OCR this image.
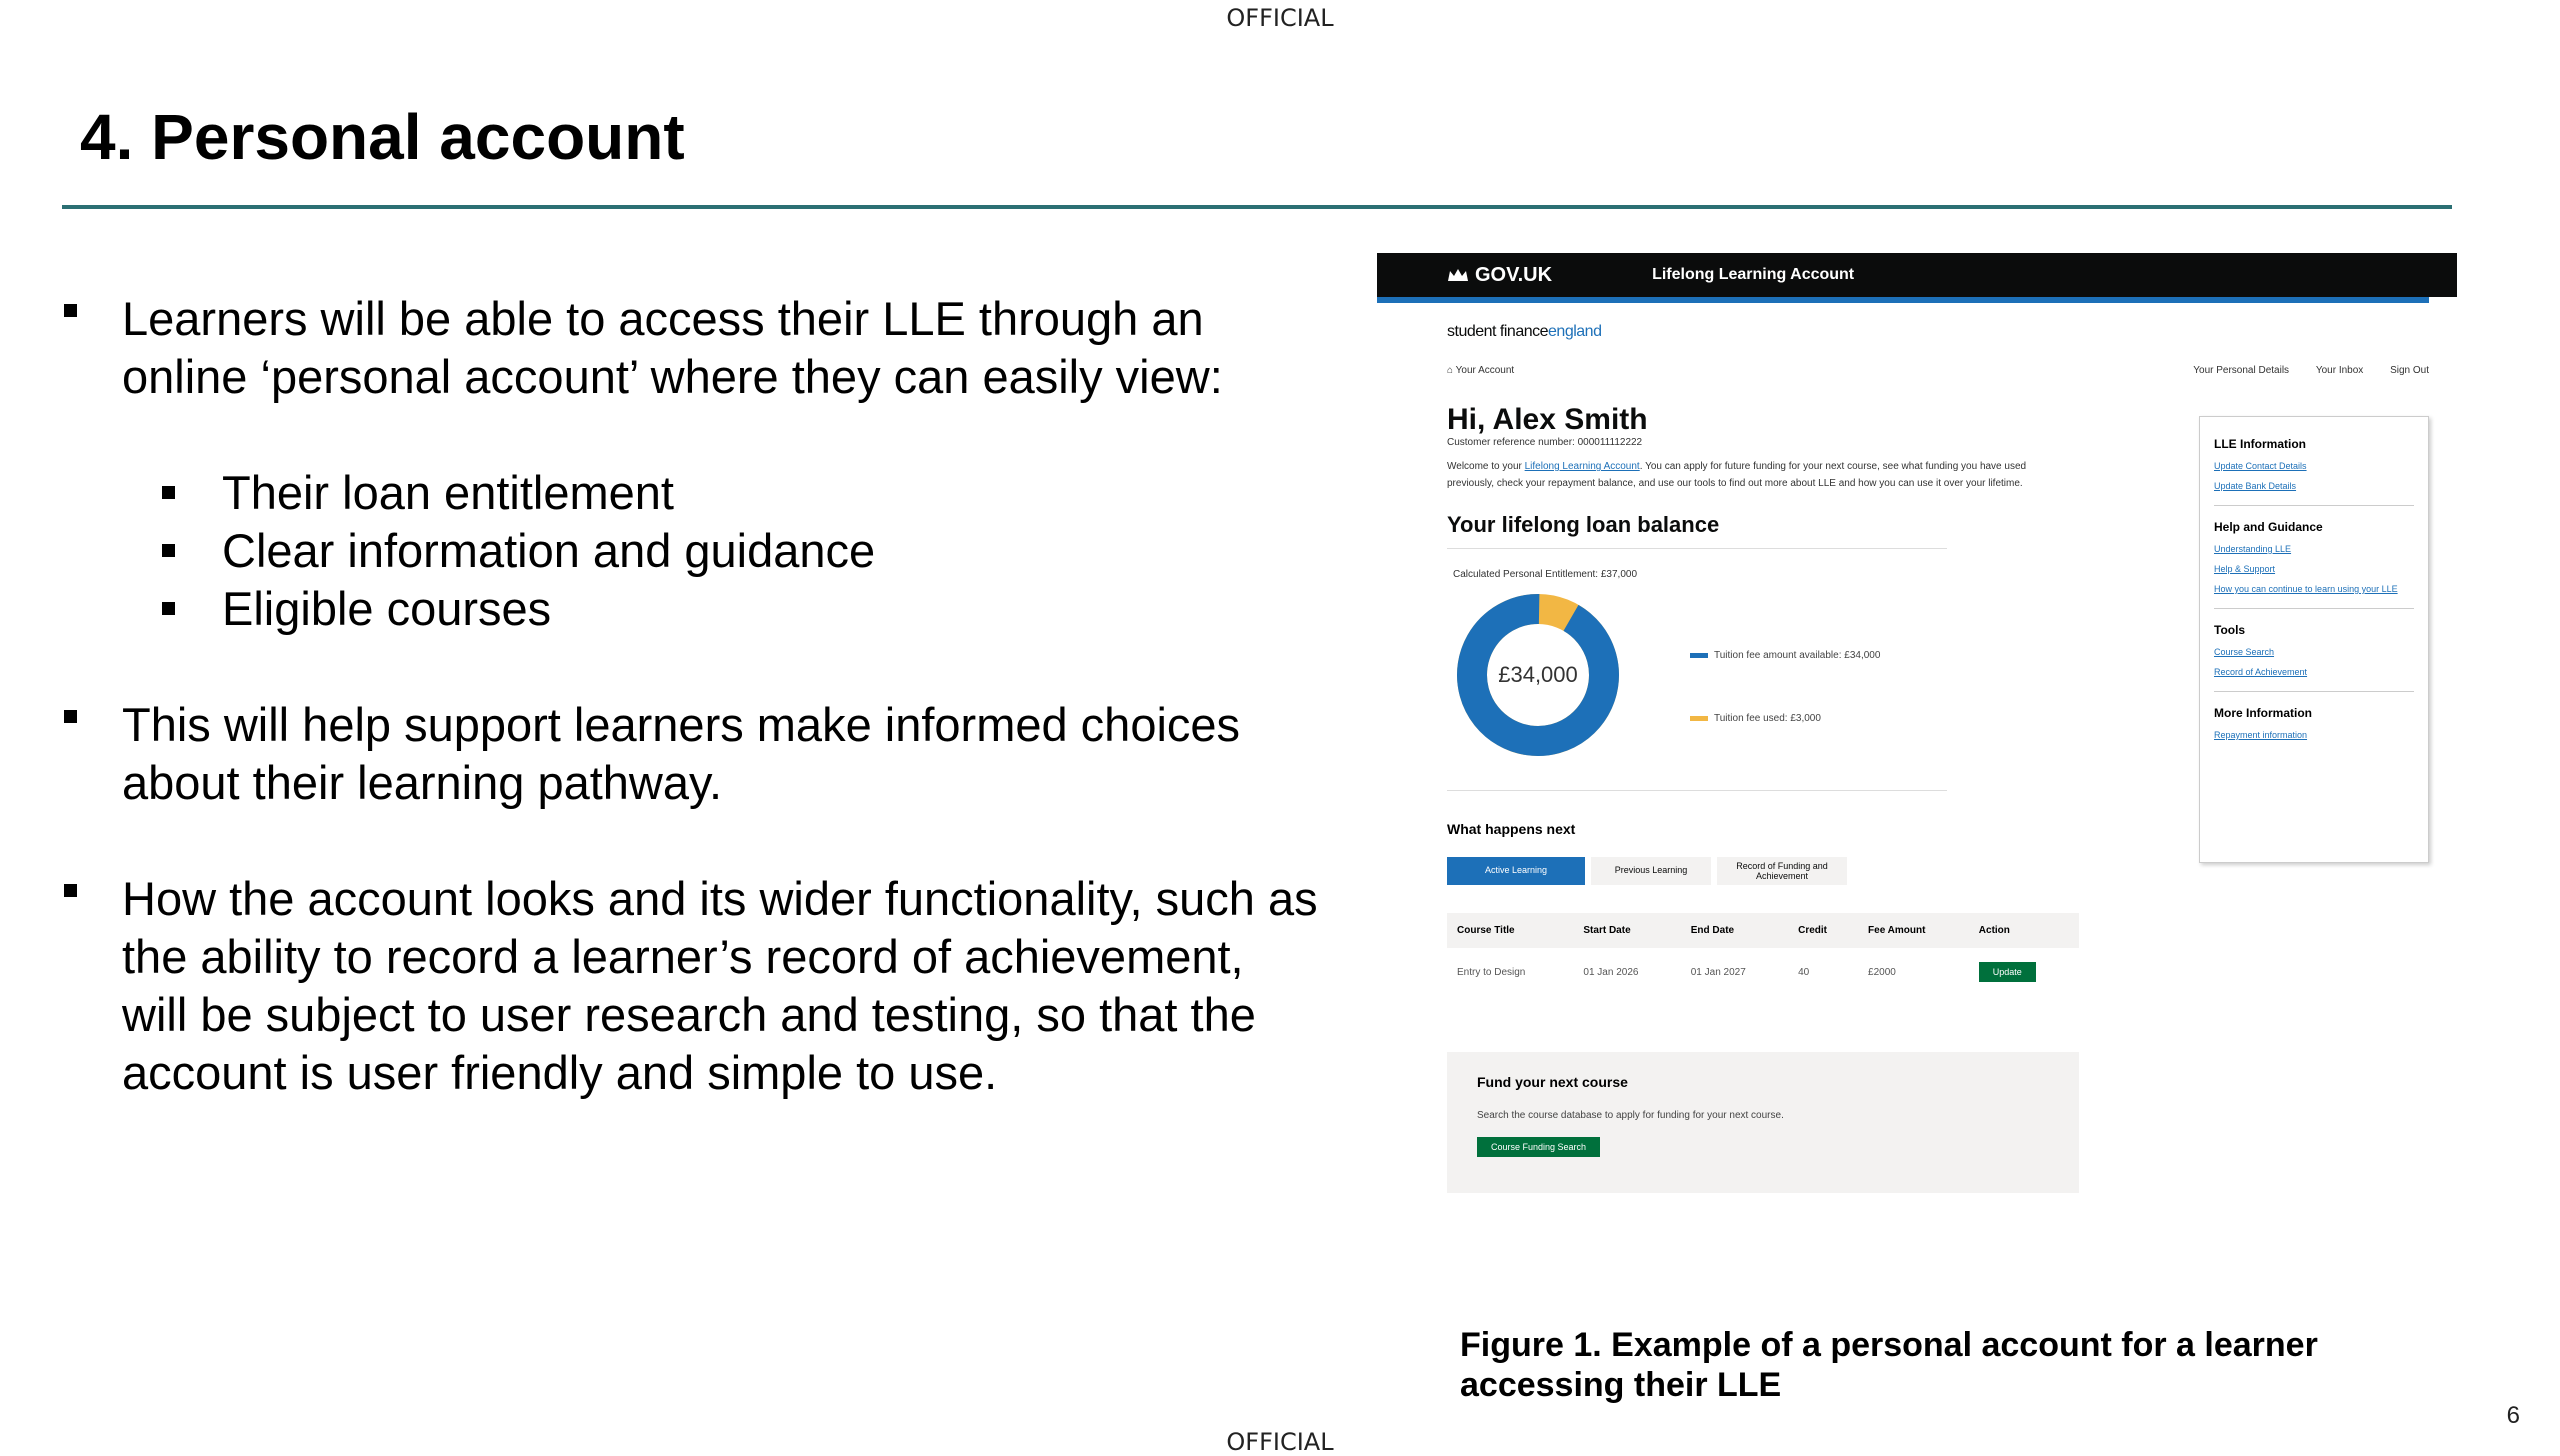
OFFICIAL
4. Personal account
Learners will be able to access their LLE through an online ‘personal account’ where they can easily view:
Their loan entitlement
Clear information and guidance
Eligible courses
This will help support learners make informed choices about their learning pathway.
How the account looks and its wider functionality, such as the ability to record a learner’s record of achievement, will be subject to user research and testing, so that the account is user friendly and simple to use.
GOV.UK	Lifelong Learning Account
student financeengland
⌂ Your Account	Your Personal Details	Your Inbox	Sign Out
Hi, Alex Smith
Customer reference number: 000011112222
Welcome to your Lifelong Learning Account. You can apply for future funding for your next course, see what funding you have used previously, check your repayment balance, and use our tools to find out more about LLE and how you can use it over your lifetime.
Your lifelong loan balance
Calculated Personal Entitlement: £37,000
£34,000
Tuition fee amount available: £34,000
Tuition fee used: £3,000
What happens next
Active Learning	Previous Learning	Record of Funding and Achievement
Course Title	Start Date	End Date	Credit	Fee Amount	Action
Entry to Design	01 Jan 2026	01 Jan 2027	40	£2000	Update
Fund your next course
Search the course database to apply for funding for your next course.
Course Funding Search
LLE Information
Update Contact Details
Update Bank Details
Help and Guidance
Understanding LLE
Help & Support
How you can continue to learn using your LLE
Tools
Course Search
Record of Achievement
More Information
Repayment information
Figure 1. Example of a personal account for a learner accessing their LLE
6
OFFICIAL
